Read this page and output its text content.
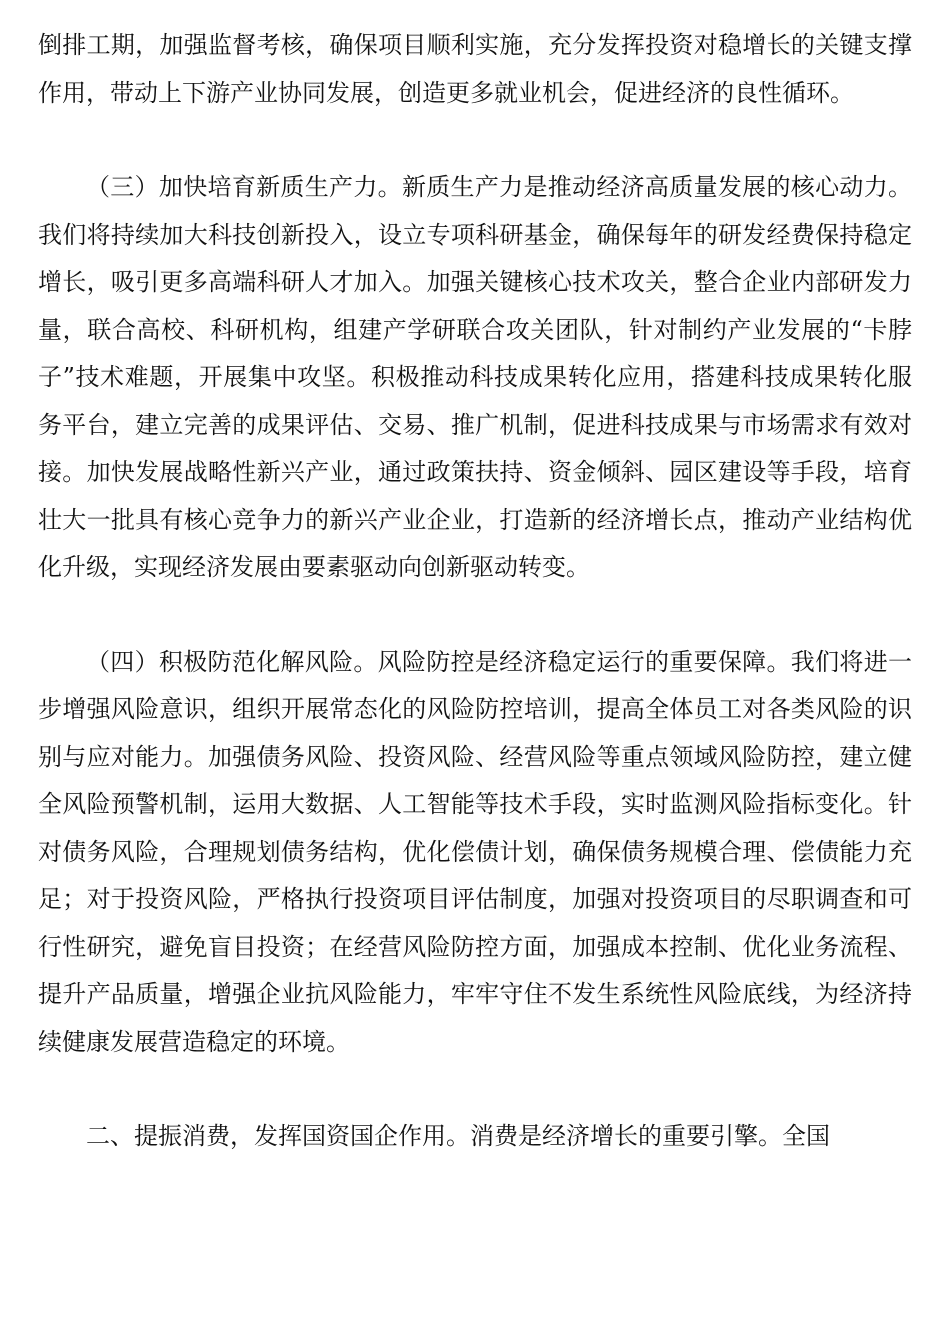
倒排工期，加强监督考核，确保项目顺利实施，充分发挥投资对稳增长的关键支撑作用，带动上下游产业协同发展，创造更多就业机会，促进经济的良性循环。

（三）加快培育新质生产力。新质生产力是推动经济高质量发展的核心动力。我们将持续加大科技创新投入，设立专项科研基金，确保每年的研发经费保持稳定增长，吸引更多高端科研人才加入。加强关键核心技术攻关，整合企业内部研发力量，联合高校、科研机构，组建产学研联合攻关团队，针对制约产业发展的“卡脖子”技术难题，开展集中攻坚。积极推动科技成果转化应用，搭建科技成果转化服务平台，建立完善的成果评估、交易、推广机制，促进科技成果与市场需求有效对接。加快发展战略性新兴产业，通过政策扶持、资金倾斜、园区建设等手段，培育壮大一批具有核心竞争力的新兴产业企业，打造新的经济增长点，推动产业结构优化升级，实现经济发展由要素驱动向创新驱动转变。

（四）积极防范化解风险。风险防控是经济稳定运行的重要保障。我们将进一步增强风险意识，组织开展常态化的风险防控培训，提高全体员工对各类风险的识别与应对能力。加强债务风险、投资风险、经营风险等重点领域风险防控，建立健全风险预警机制，运用大数据、人工智能等技术手段，实时监测风险指标变化。针对债务风险，合理规划债务结构，优化偿债计划，确保债务规模合理、偿债能力充足；对于投资风险，严格执行投资项目评估制度，加强对投资项目的尽职调查和可行性研究，避免盲目投资；在经营风险防控方面，加强成本控制、优化业务流程、提升产品质量，增强企业抗风险能力，牢牢守住不发生系统性风险底线，为经济持续健康发展营造稳定的环境。

二、提振消费，发挥国资国企作用。消费是经济增长的重要引擎。全国
